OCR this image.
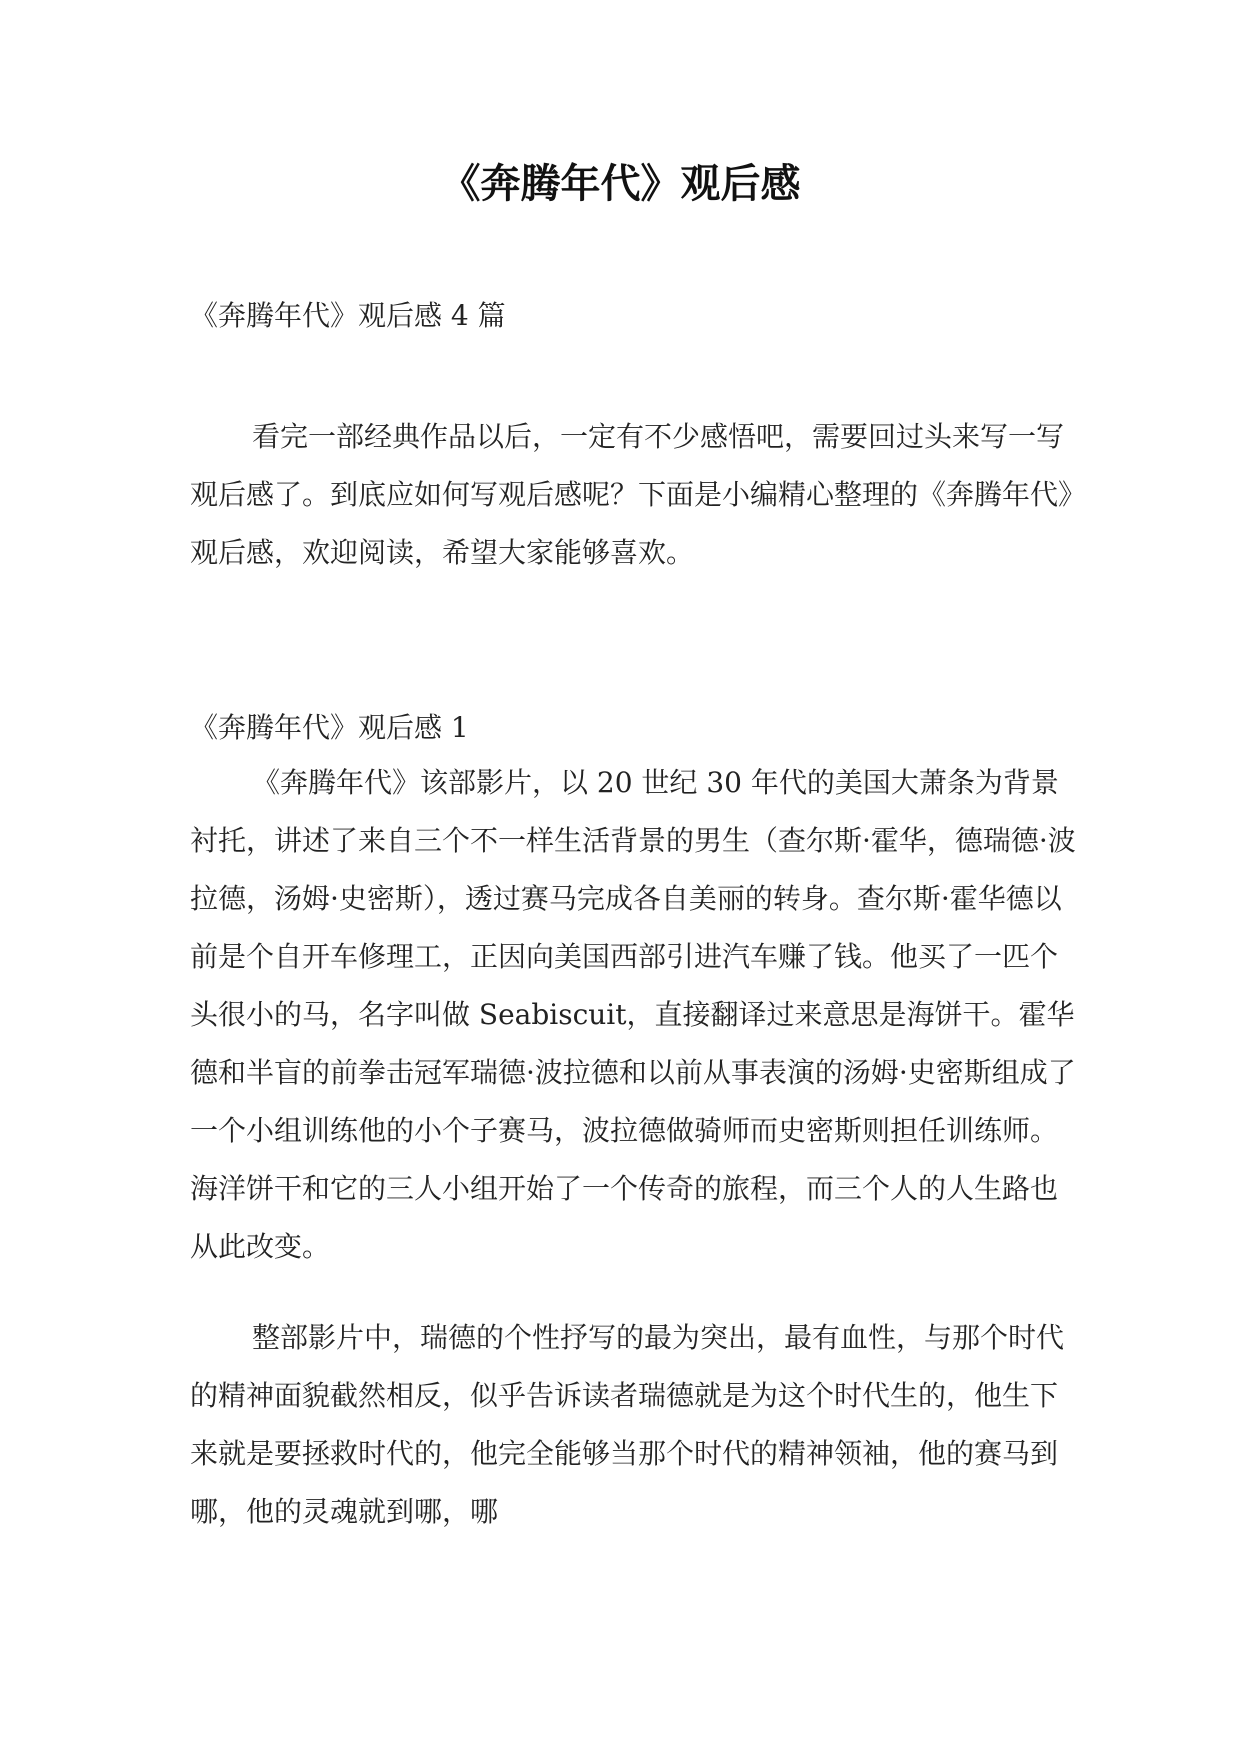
《奔腾年代》观后感

《奔腾年代》观后感 4 篇

看完一部经典作品以后，一定有不少感悟吧，需要回过头来写一写观后感了。到底应如何写观后感呢？下面是小编精心整理的《奔腾年代》观后感，欢迎阅读，希望大家能够喜欢。

《奔腾年代》观后感 1

《奔腾年代》该部影片，以 20 世纪 30 年代的美国大萧条为背景衬托，讲述了来自三个不一样生活背景的男生（查尔斯·霍华，德瑞德·波拉德，汤姆·史密斯），透过赛马完成各自美丽的转身。查尔斯·霍华德以前是个自开车修理工，正因向美国西部引进汽车赚了钱。他买了一匹个头很小的马，名字叫做 Seabiscuit，直接翻译过来意思是海饼干。霍华德和半盲的前拳击冠军瑞德·波拉德和以前从事表演的汤姆·史密斯组成了一个小组训练他的小个子赛马，波拉德做骑师而史密斯则担任训练师。海洋饼干和它的三人小组开始了一个传奇的旅程，而三个人的人生路也从此改变。

整部影片中，瑞德的个性抒写的最为突出，最有血性，与那个时代的精神面貌截然相反，似乎告诉读者瑞德就是为这个时代生的，他生下来就是要拯救时代的，他完全能够当那个时代的精神领袖，他的赛马到哪，他的灵魂就到哪，哪
